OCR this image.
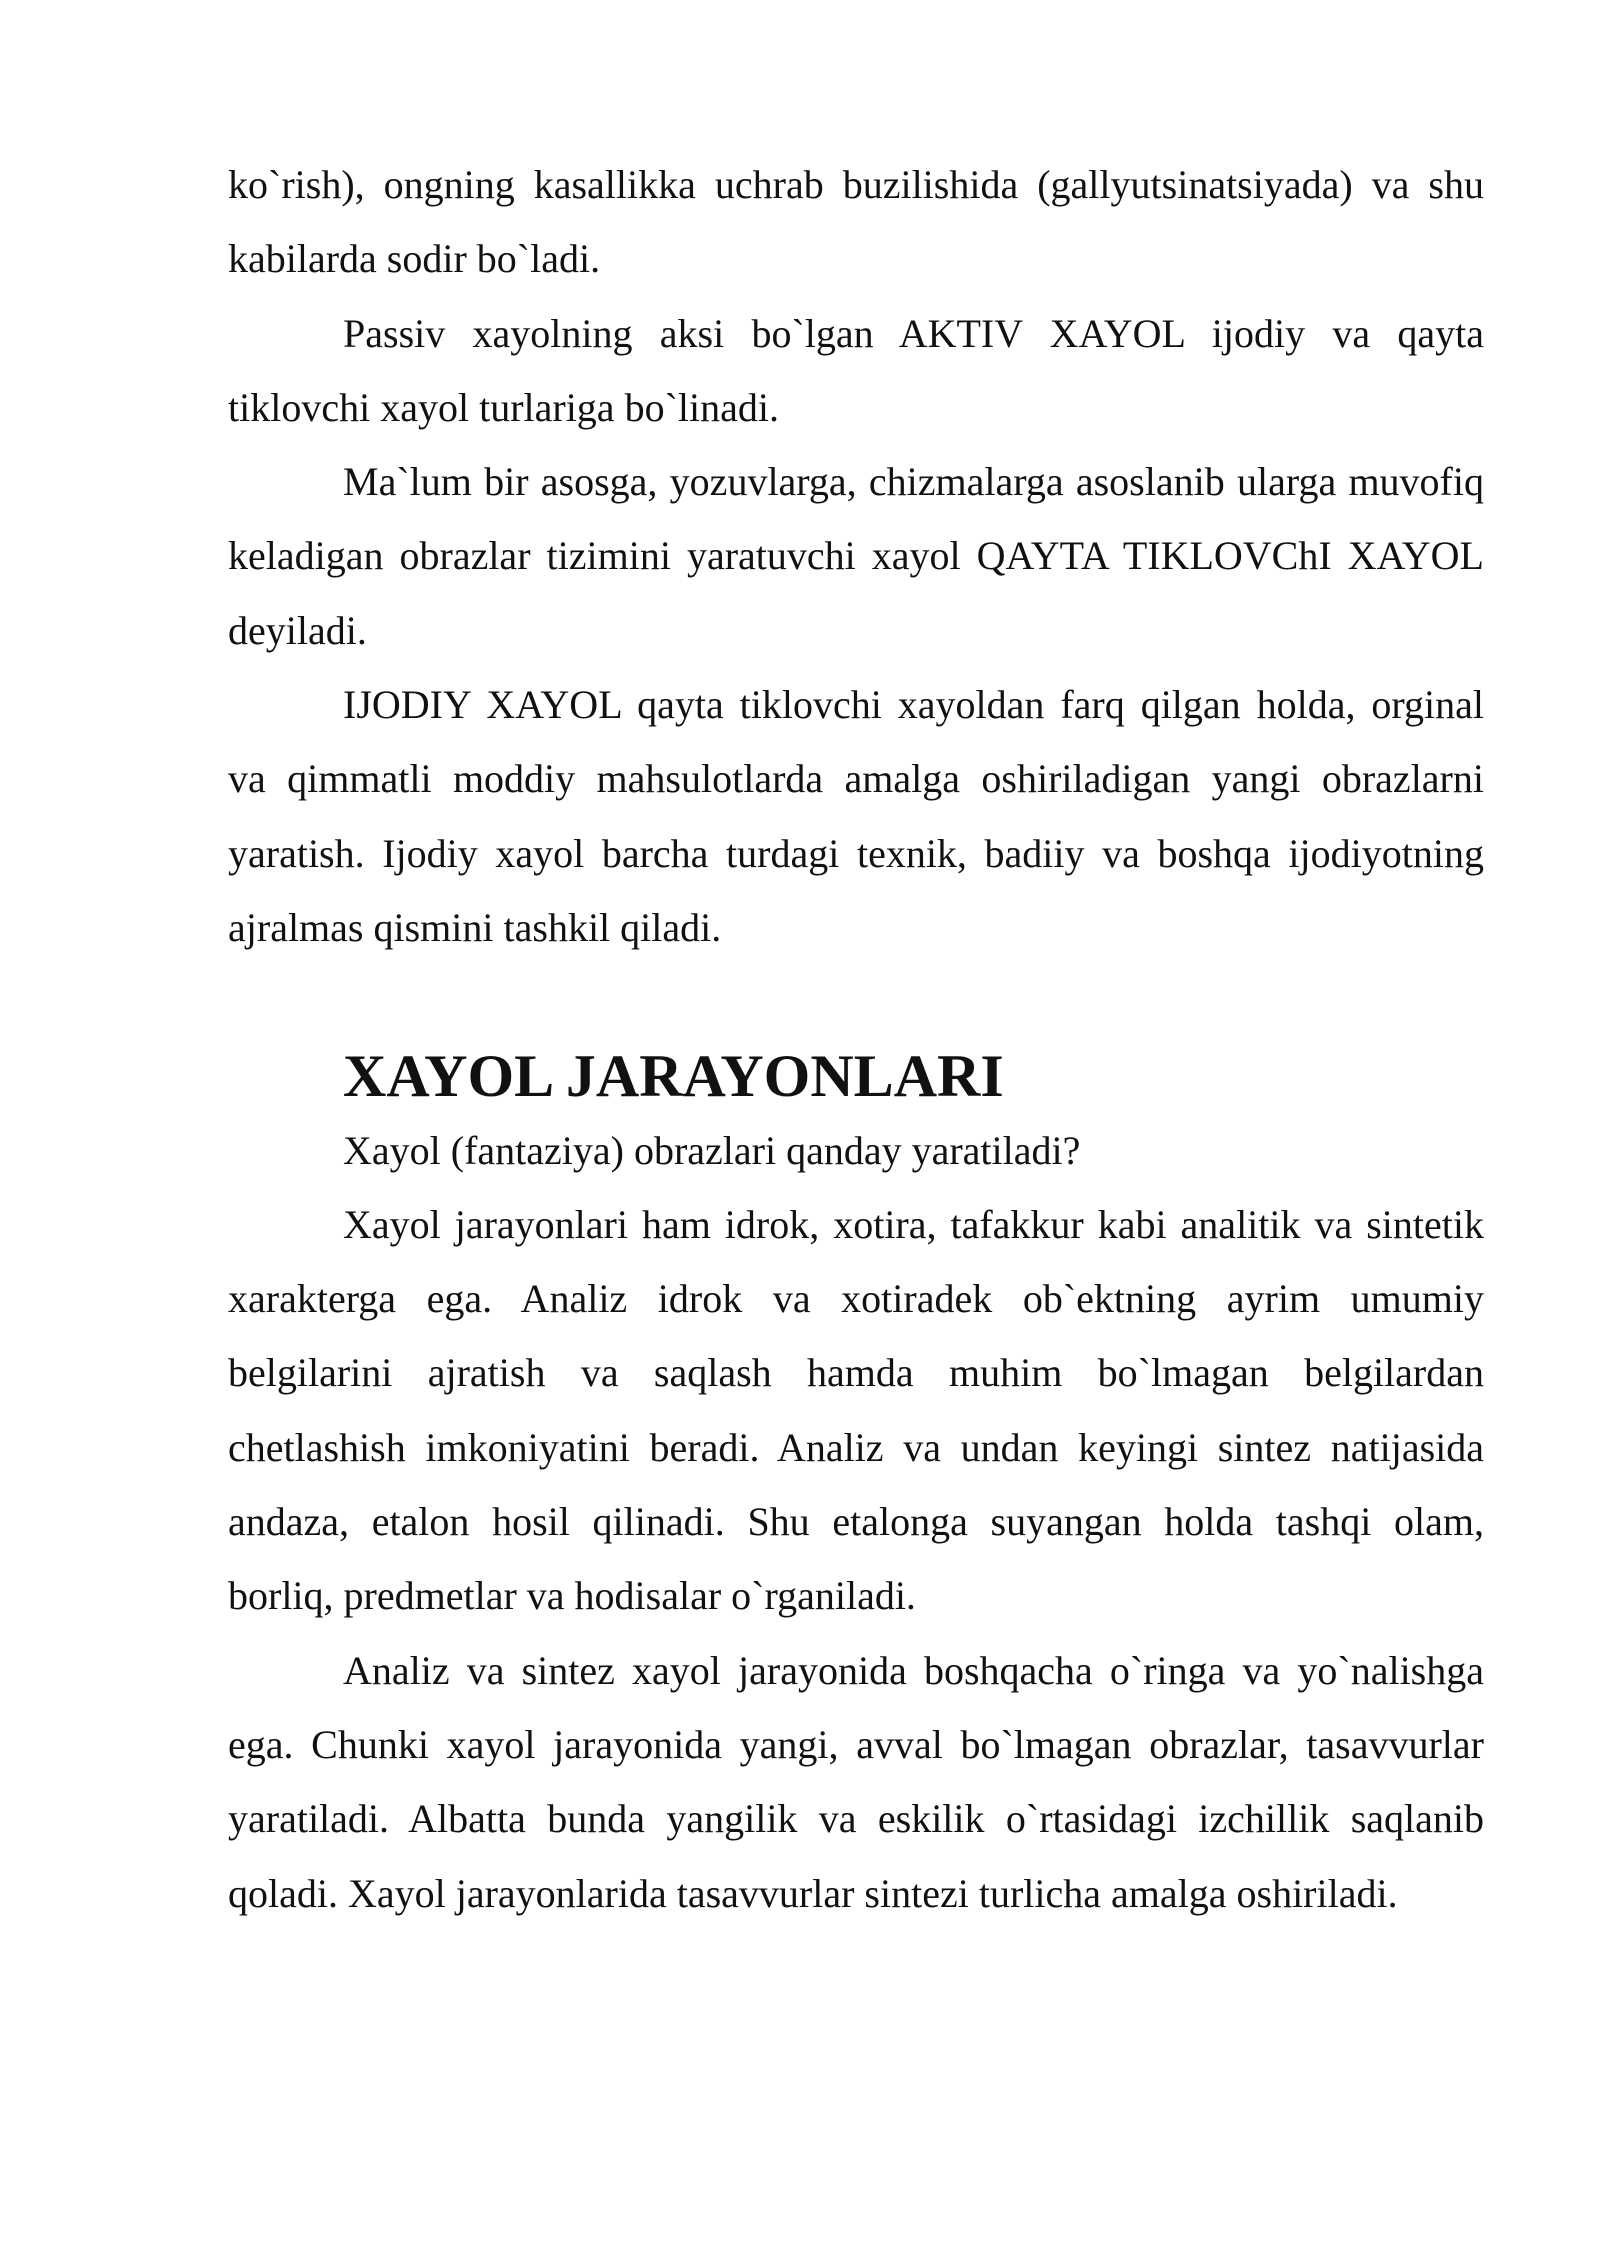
ko`rish), ongning kasallikka uchrab buzilishida (gallyutsinatsiyada) va shu kabilarda sodir bo`ladi.

Passiv xayolning aksi bo`lgan AKTIV XAYOL ijodiy va qayta tiklovchi xayol turlariga bo`linadi.

Ma`lum bir asosga, yozuvlarga, chizmalarga asoslanib ularga muvofiq keladigan obrazlar tizimini yaratuvchi xayol QAYTA TIKLOVChI XAYOL deyiladi.

IJODIY XAYOL qayta tiklovchi xayoldan farq qilgan holda, orginal va qimmatli moddiy mahsulotlarda amalga oshiriladigan yangi obrazlarni yaratish. Ijodiy xayol barcha turdagi texnik, badiiy va boshqa ijodiyotning ajralmas qismini tashkil qiladi.

XAYOL JARAYONLARI

Xayol (fantaziya) obrazlari qanday yaratiladi?

Xayol jarayonlari ham idrok, xotira, tafakkur kabi analitik va sintetik xarakterga ega. Analiz idrok va xotiradek ob`ektning ayrim umumiy belgilarini ajratish va saqlash hamda muhim bo`lmagan belgilardan chetlashish imkoniyatini beradi. Analiz va undan keyingi sintez natijasida andaza, etalon hosil qilinadi. Shu etalonga suyangan holda tashqi olam, borliq, predmetlar va hodisalar o`rganiladi.

Analiz va sintez xayol jarayonida boshqacha o`ringa va yo`nalishga ega. Chunki xayol jarayonida yangi, avval bo`lmagan obrazlar, tasavvurlar yaratiladi. Albatta bunda yangilik va eskilik o`rtasidagi izchillik saqlanib qoladi. Xayol jarayonlarida tasavvurlar sintezi turlicha amalga oshiriladi.
